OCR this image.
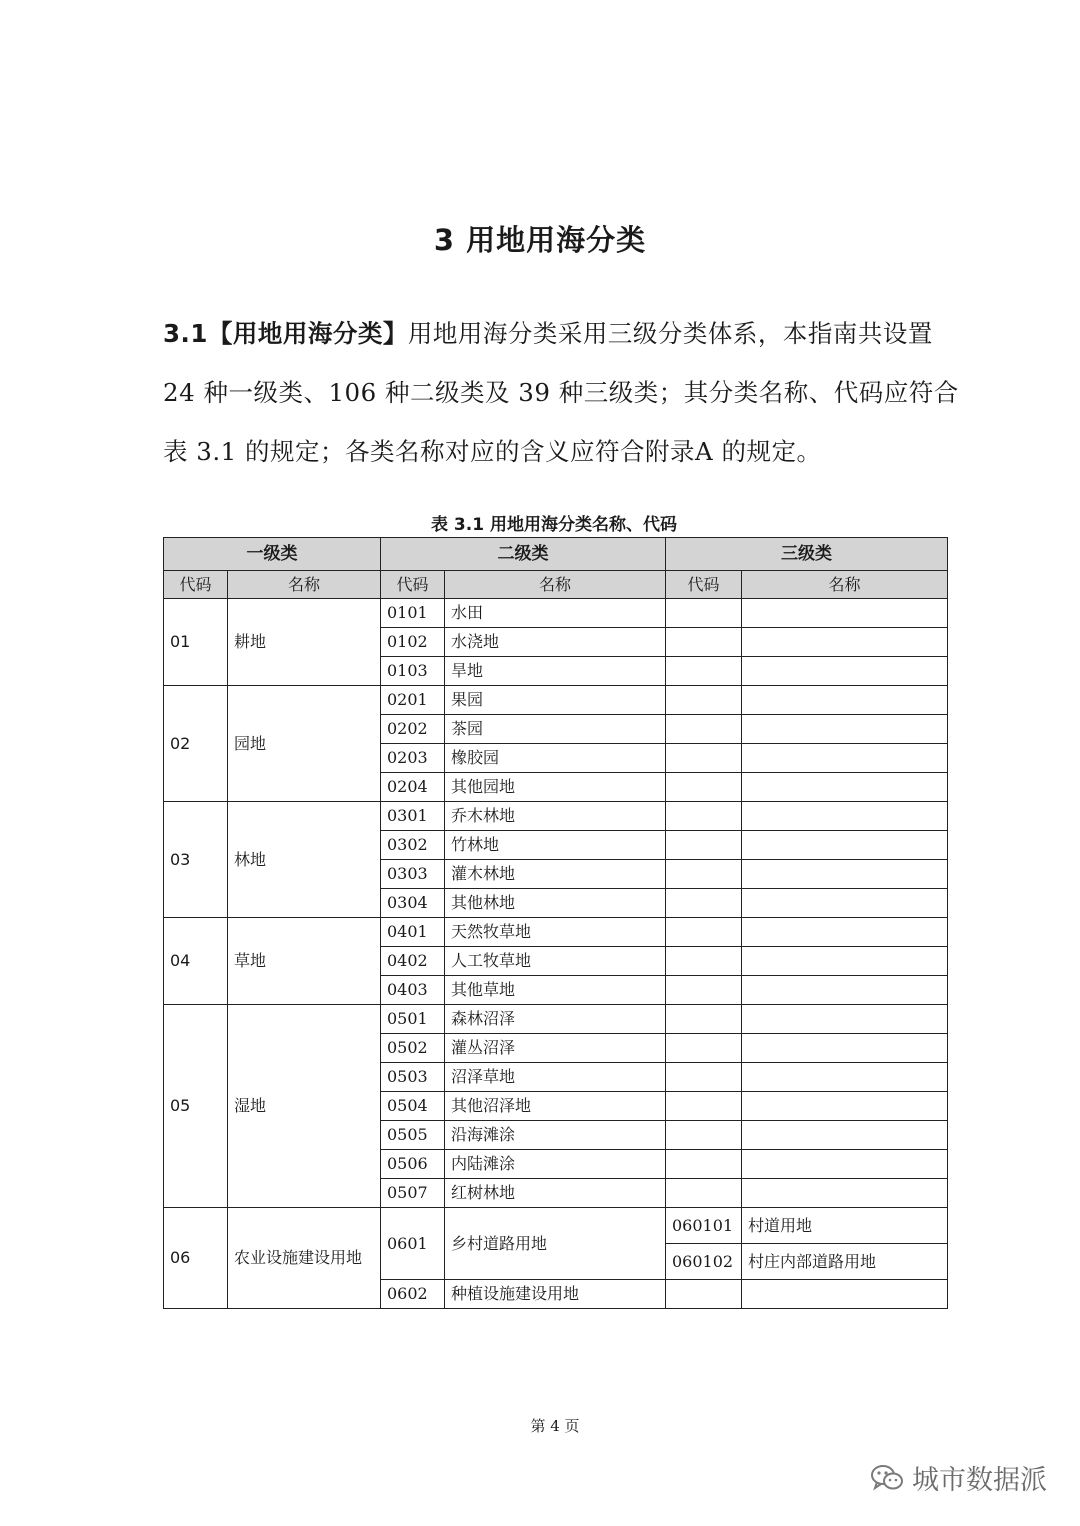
3 用地用海分类
3.1【用地用海分类】用地用海分类采用三级分类体系，本指南共设置
24 种一级类、106 种二级类及 39 种三级类；其分类名称、代码应符合
表 3.1 的规定；各类名称对应的含义应符合附录A 的规定。
表 3.1 用地用海分类名称、代码
一级类		二级类		三级类	
代码	名称	代码	名称	代码	名称
01	耕地	0101	水田		
		0102	水浇地		
		0103	旱地		
02	园地	0201	果园		
		0202	茶园		
		0203	橡胶园		
		0204	其他园地		
03	林地	0301	乔木林地		
		0302	竹林地		
		0303	灌木林地		
		0304	其他林地		
04	草地	0401	天然牧草地		
		0402	人工牧草地		
		0403	其他草地		
05	湿地	0501	森林沼泽		
		0502	灌丛沼泽		
		0503	沼泽草地		
		0504	其他沼泽地		
		0505	沿海滩涂		
		0506	内陆滩涂		
		0507	红树林地		
06	农业设施建设用地	0601	乡村道路用地	060101	村道用地
				060102	村庄内部道路用地
		0602	种植设施建设用地		
第 4 页
城市数据派
